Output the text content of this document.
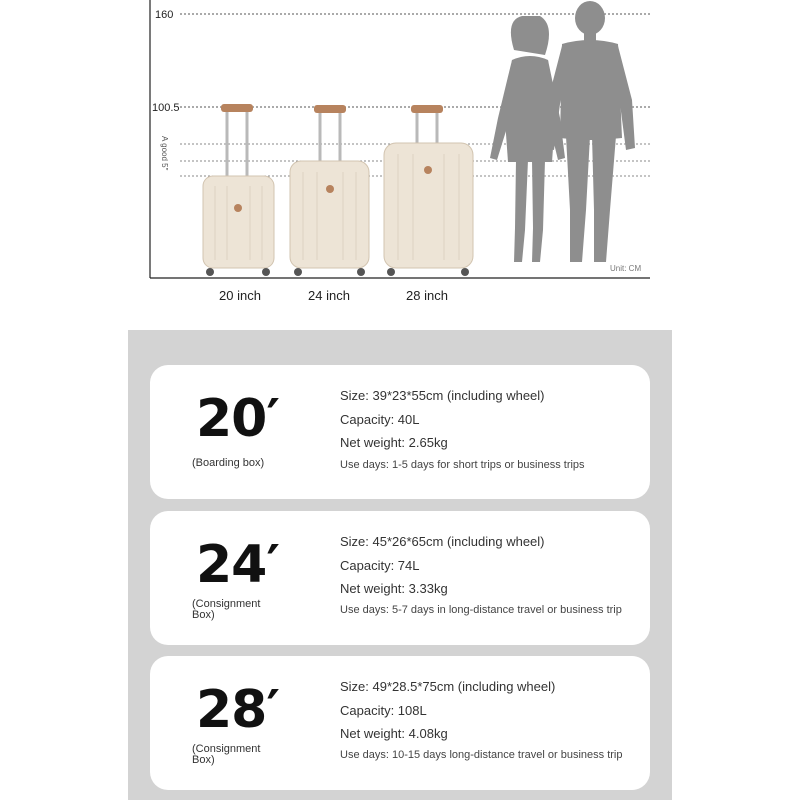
160
100.5
A good 5"
Unit: CM
20 inch	24 inch	28 inch
20′
(Boarding box)
Size: 39*23*55cm (including wheel)
Capacity: 40L
Net weight: 2.65kg
Use days: 1-5 days for short trips or business trips
24′
(Consignment Box)
Size: 45*26*65cm (including wheel)
Capacity: 74L
Net weight: 3.33kg
Use days: 5-7 days in long-distance travel or business trip
28′
(Consignment Box)
Size: 49*28.5*75cm (including wheel)
Capacity: 108L
Net weight: 4.08kg
Use days: 10-15 days long-distance travel or business trip
